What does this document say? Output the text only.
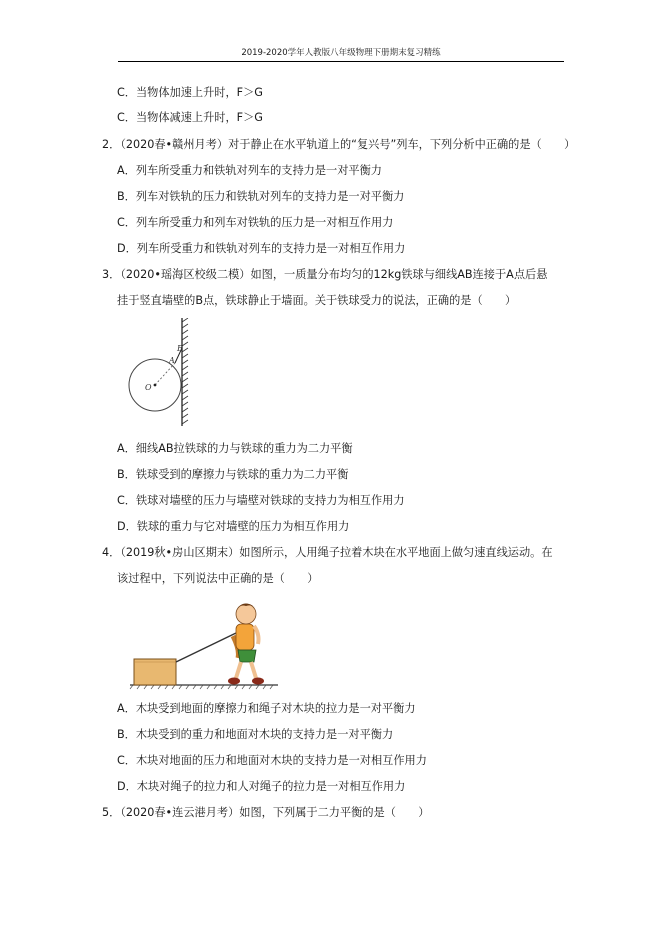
2019-2020学年人教版八年级物理下册期末复习精练
C．当物体加速上升时，F＞G
C．当物体减速上升时，F＞G
2．（2020春•赣州月考）对于静止在水平轨道上的“复兴号”列车，下列分析中正确的是（　　）
A．列车所受重力和铁轨对列车的支持力是一对平衡力
B．列车对铁轨的压力和铁轨对列车的支持力是一对平衡力
C．列车所受重力和列车对铁轨的压力是一对相互作用力
D．列车所受重力和铁轨对列车的支持力是一对相互作用力
3．（2020•瑶海区校级二模）如图，一质量分布均匀的12kg铁球与细线AB连接于A点后悬
挂于竖直墙壁的B点，铁球静止于墙面。关于铁球受力的说法，正确的是（　　）
B
A
O
A．细线AB拉铁球的力与铁球的重力为二力平衡
B．铁球受到的摩擦力与铁球的重力为二力平衡
C．铁球对墙壁的压力与墙壁对铁球的支持力为相互作用力
D．铁球的重力与它对墙壁的压力为相互作用力
4．（2019秋•房山区期末）如图所示，人用绳子拉着木块在水平地面上做匀速直线运动。在
该过程中，下列说法中正确的是（　　）
A．木块受到地面的摩擦力和绳子对木块的拉力是一对平衡力
B．木块受到的重力和地面对木块的支持力是一对平衡力
C．木块对地面的压力和地面对木块的支持力是一对相互作用力
D．木块对绳子的拉力和人对绳子的拉力是一对相互作用力
5．（2020春•连云港月考）如图，下列属于二力平衡的是（　　）
